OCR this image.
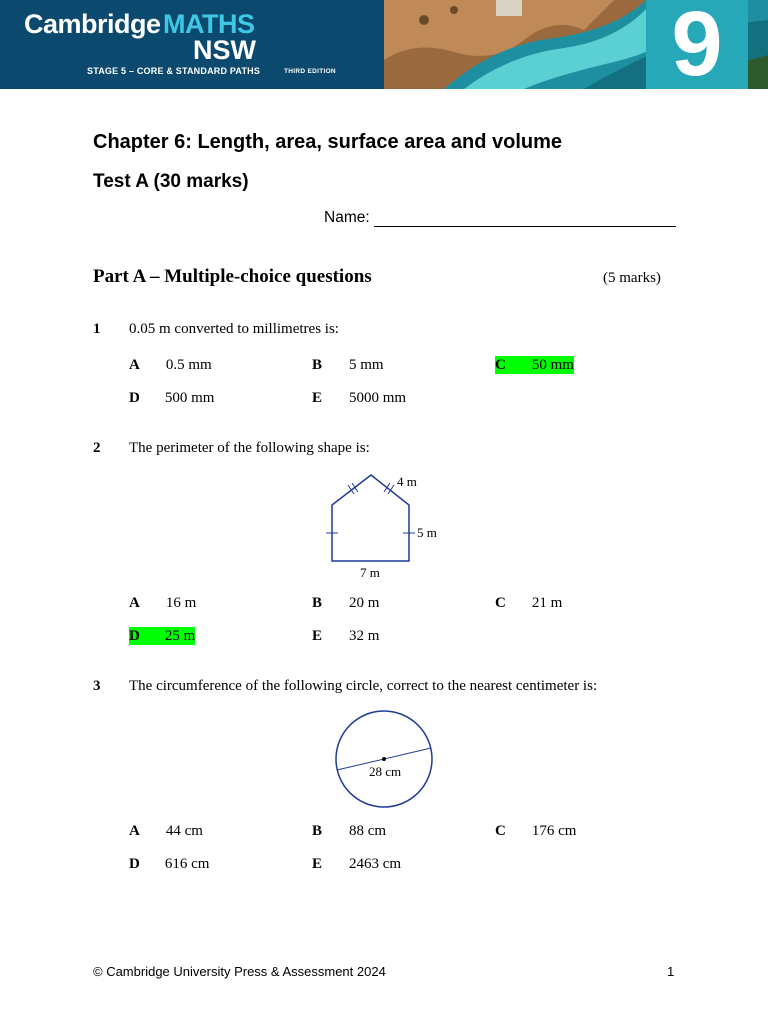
Cambridge MATHS
NSW
STAGE 5 – CORE & STANDARD PATHS	THIRD EDITION	9
Chapter 6: Length, area, surface area and volume
Test A (30 marks)
Name:
Part A – Multiple-choice questions	(5 marks)
1 0.05 m converted to millimetres is:
A 0.5 mm	B 5 mm	C 50 mm
D 500 mm	E 5000 mm
2 The perimeter of the following shape is:
4 m
5 m
7 m
A 16 m	B 20 m	C 21 m
D 25 m	E 32 m
3 The circumference of the following circle, correct to the nearest centimeter is:
28 cm
A 44 cm	B 88 cm	C 176 cm
D 616 cm	E 2463 cm
© Cambridge University Press & Assessment 2024	1
